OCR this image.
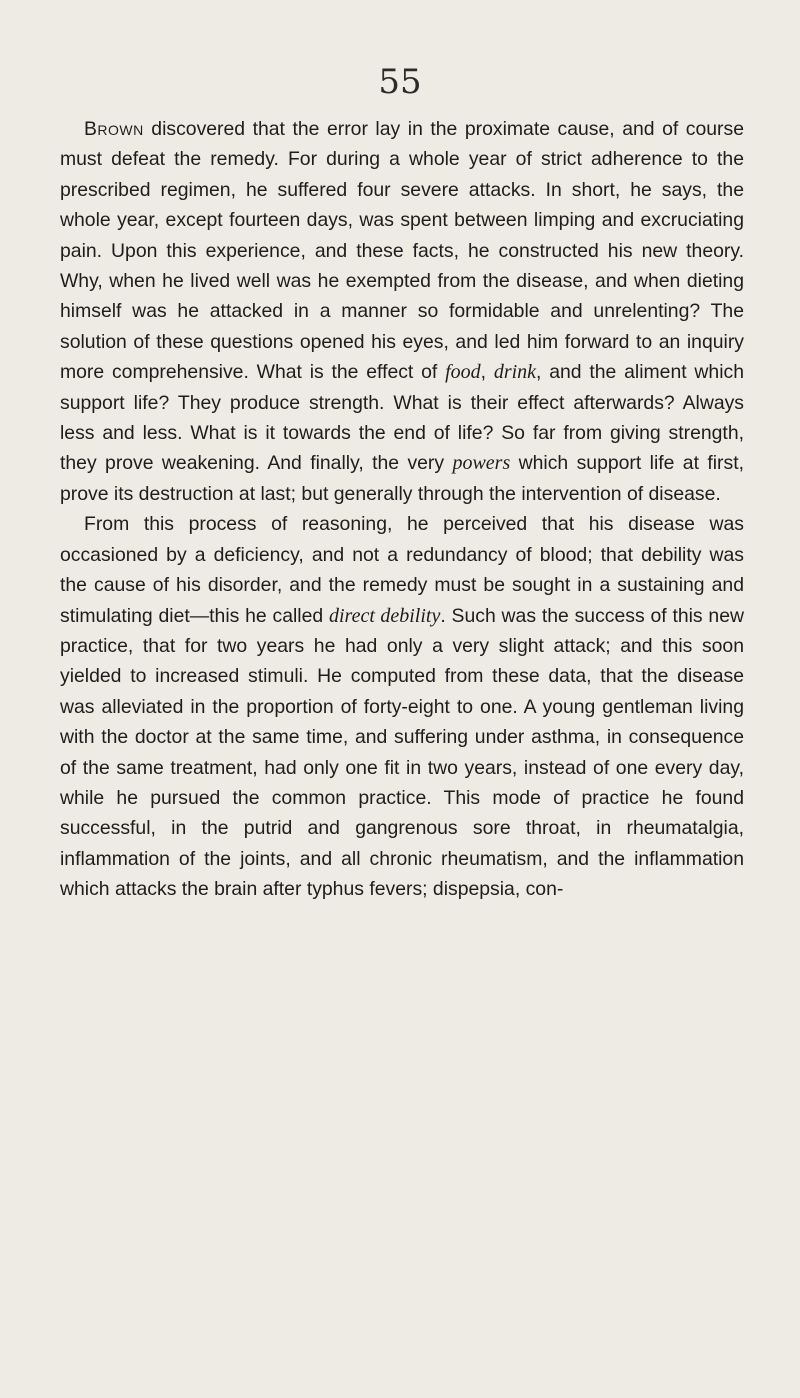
55

Brown discovered that the error lay in the proximate cause, and of course must defeat the remedy. For during a whole year of strict adherence to the prescribed regimen, he suffered four severe attacks. In short, he says, the whole year, except fourteen days, was spent between limping and excruciating pain. Upon this experience, and these facts, he constructed his new theory. Why, when he lived well was he exempted from the disease, and when dieting himself was he attacked in a manner so formidable and unrelenting? The solution of these questions opened his eyes, and led him forward to an inquiry more comprehensive. What is the effect of food, drink, and the aliment which support life? They produce strength. What is their effect afterwards? Always less and less. What is it towards the end of life? So far from giving strength, they prove weakening. And finally, the very powers which support life at first, prove its destruction at last; but generally through the intervention of disease.

From this process of reasoning, he perceived that his disease was occasioned by a deficiency, and not a redundancy of blood; that debility was the cause of his disorder, and the remedy must be sought in a sustaining and stimulating diet—this he called direct debility. Such was the success of this new practice, that for two years he had only a very slight attack; and this soon yielded to increased stimuli. He computed from these data, that the disease was alleviated in the proportion of forty-eight to one. A young gentleman living with the doctor at the same time, and suffering under asthma, in consequence of the same treatment, had only one fit in two years, instead of one every day, while he pursued the common practice. This mode of practice he found successful, in the putrid and gangrenous sore throat, in rheumatalgia, inflammation of the joints, and all chronic rheumatism, and the inflammation which attacks the brain after typhus fevers; dispepsia, con-
